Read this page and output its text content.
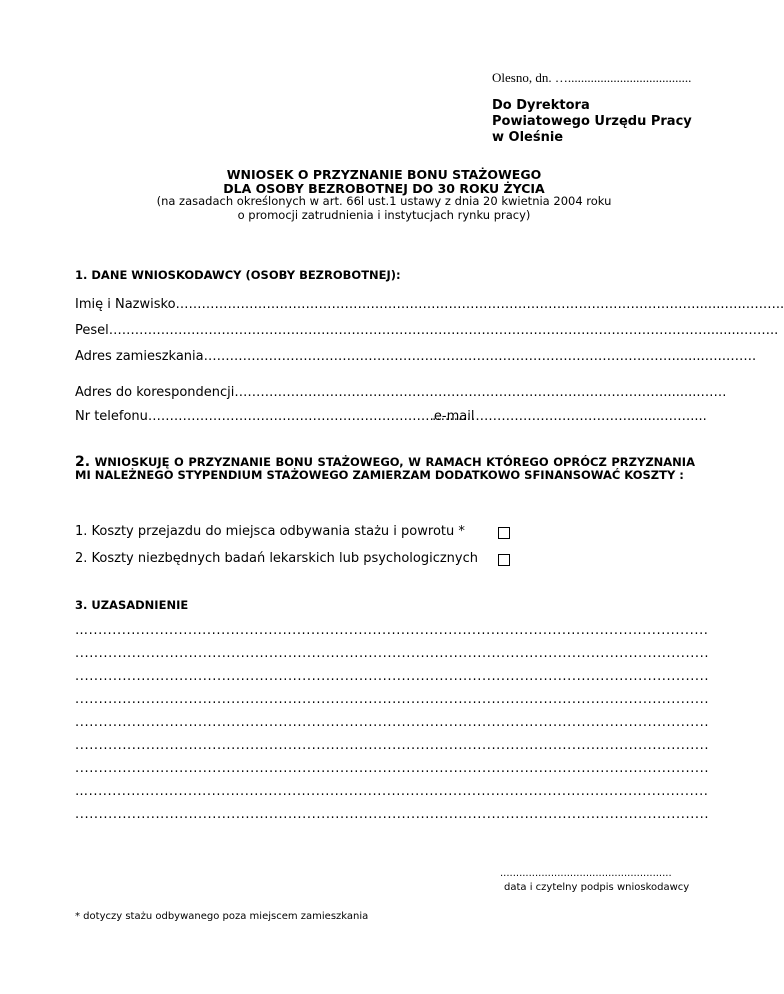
Olesno, dn. …......................................
Do Dyrektora
Powiatowego Urzędu Pracy
w Oleśnie
WNIOSEK O PRZYZNANIE BONU STAŻOWEGO
DLA OSOBY BEZROBOTNEJ DO 30 ROKU ŻYCIA
(na zasadach określonych w art. 66l ust.1 ustawy z dnia 20 kwietnia 2004 roku
o promocji zatrudnienia i instytucjach rynku pracy)
1. DANE WNIOSKODAWCY (OSOBY BEZROBOTNEJ):
Imię i Nazwisko………………………………………………………………………………………………………….......…..….…..
Pesel………………………………………………………………………………………………………………………….........……..
Adres zamieszkania………………………………………………………………………………………………........…..…….
Adres do korespondencji……………………………………………………………………………………….........……
Nr telefonu…………………………………………………………e-mail
……………………………………….........……....
2. WNIOSKUJĘ O PRZYZNANIE BONU STAŻOWEGO, W RAMACH KTÓREGO OPRÓCZ PRZYZNANIA MI NALEŻNEGO STYPENDIUM STAŻOWEGO ZAMIERZAM DODATKOWO SFINANSOWAĆ KOSZTY :
1. Koszty przejazdu do miejsca odbywania stażu i powrotu *
2. Koszty niezbędnych badań lekarskich lub psychologicznych
3. UZASADNIENIE
…...................................................................................................................................
......................................................................................................................................
......................................................................................................................................
......................................................................................................................................
......................................................................................................................................
......................................................................................................................................
......................................................................................................................................
…...................................................................................................................................
......................................................................................................................................
......................................................
data i czytelny podpis wnioskodawcy
* dotyczy stażu odbywanego poza miejscem zamieszkania
